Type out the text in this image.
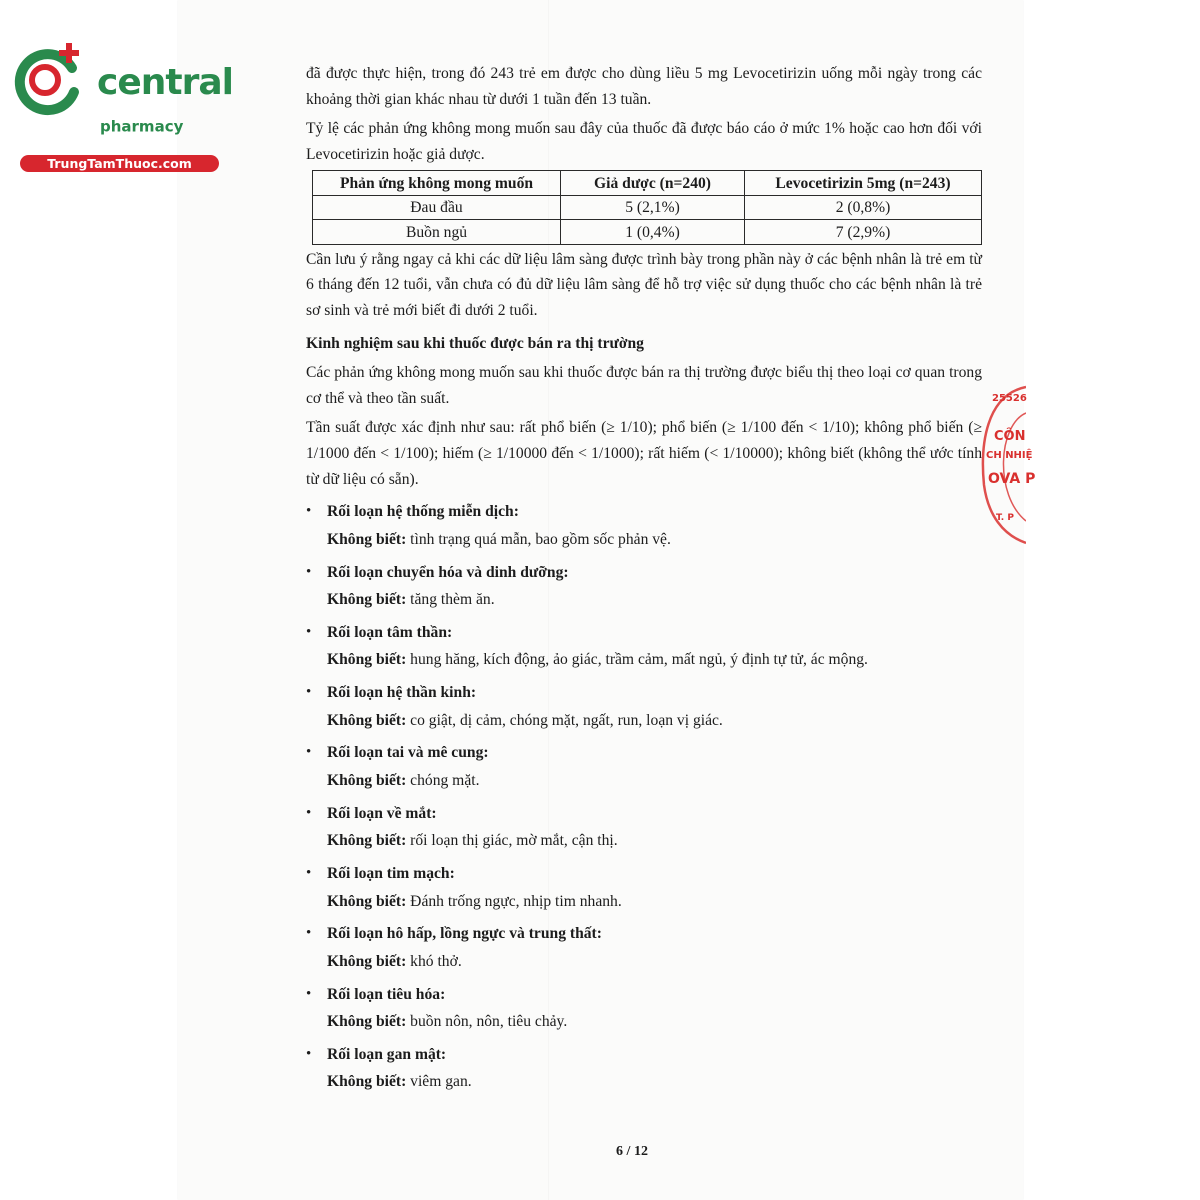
central
pharmacy
TrungTamThuoc.com

đã được thực hiện, trong đó 243 trẻ em được cho dùng liều 5 mg Levocetirizin uống mỗi ngày trong các khoảng thời gian khác nhau từ dưới 1 tuần đến 13 tuần.

Tỷ lệ các phản ứng không mong muốn sau đây của thuốc đã được báo cáo ở mức 1% hoặc cao hơn đối với Levocetirizin hoặc giả dược.

Phản ứng không mong muốn	Giả dược (n=240)	Levocetirizin 5mg (n=243)
Đau đầu	5 (2,1%)	2 (0,8%)
Buồn ngủ	1 (0,4%)	7 (2,9%)

Cần lưu ý rằng ngay cả khi các dữ liệu lâm sàng được trình bày trong phần này ở các bệnh nhân là trẻ em từ 6 tháng đến 12 tuổi, vẫn chưa có đủ dữ liệu lâm sàng để hỗ trợ việc sử dụng thuốc cho các bệnh nhân là trẻ sơ sinh và trẻ mới biết đi dưới 2 tuổi.

Kinh nghiệm sau khi thuốc được bán ra thị trường

Các phản ứng không mong muốn sau khi thuốc được bán ra thị trường được biểu thị theo loại cơ quan trong cơ thể và theo tần suất.

Tần suất được xác định như sau: rất phổ biến (≥ 1/10); phổ biến (≥ 1/100 đến < 1/10); không phổ biến (≥ 1/1000 đến < 1/100); hiếm (≥ 1/10000 đến < 1/1000); rất hiếm (< 1/10000); không biết (không thể ước tính từ dữ liệu có sẵn).

• Rối loạn hệ thống miễn dịch:
Không biết: tình trạng quá mẫn, bao gồm sốc phản vệ.
• Rối loạn chuyển hóa và dinh dưỡng:
Không biết: tăng thèm ăn.
• Rối loạn tâm thần:
Không biết: hung hăng, kích động, ảo giác, trầm cảm, mất ngủ, ý định tự tử, ác mộng.
• Rối loạn hệ thần kinh:
Không biết: co giật, dị cảm, chóng mặt, ngất, run, loạn vị giác.
• Rối loạn tai và mê cung:
Không biết: chóng mặt.
• Rối loạn về mắt:
Không biết: rối loạn thị giác, mờ mắt, cận thị.
• Rối loạn tim mạch:
Không biết: Đánh trống ngực, nhịp tim nhanh.
• Rối loạn hô hấp, lồng ngực và trung thất:
Không biết: khó thở.
• Rối loạn tiêu hóa:
Không biết: buồn nôn, nôn, tiêu chảy.
• Rối loạn gan mật:
Không biết: viêm gan.
6 / 12
25526
CÔN
CH NHIỆ
OVA P
T. P
